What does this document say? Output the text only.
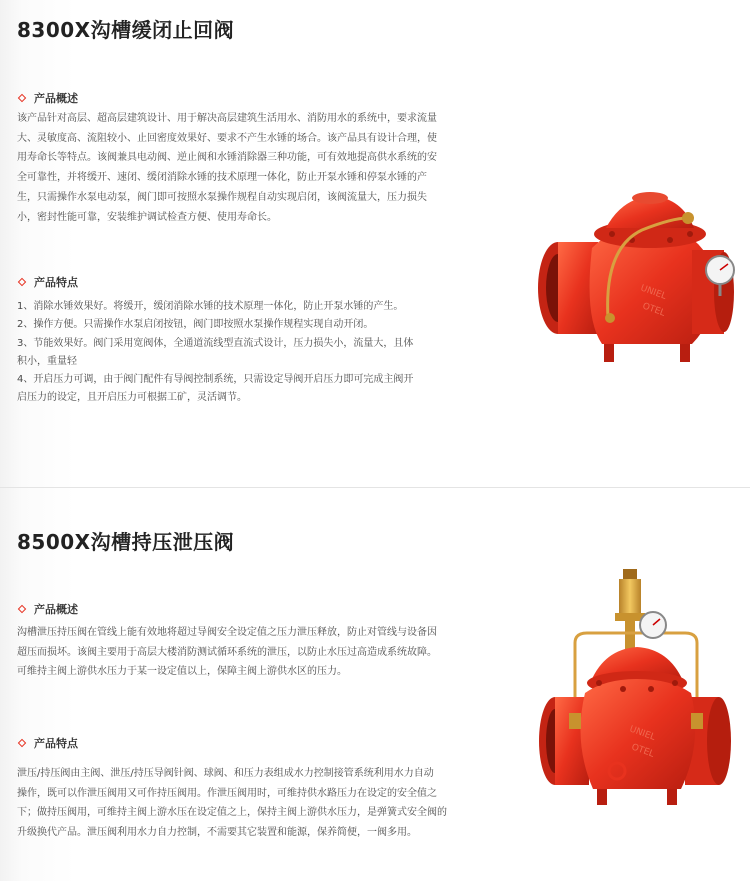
8300X沟槽缓闭止回阀
产品概述

该产品针对高层、超高层建筑设计、用于解决高层建筑生活用水、消防用水的系统中，要求流量
大、灵敏度高、流阻较小、止回密度效果好、要求不产生水锤的场合。该产品具有设计合理，使
用寿命长等特点。该阀兼具电动阀、逆止阀和水锤消除器三种功能，可有效地提高供水系统的安
全可靠性，并将缓开、速闭、缓闭消除水锤的技术原理一体化，防止开泵水锤和停泵水锤的产
生，只需操作水泵电动泵，阀门即可按照水泵操作规程自动实现启闭，该阀流量大，压力损失
小，密封性能可靠，安装维护调试检查方便、使用寿命长。

产品特点
1、消除水锤效果好。将缓开，缓闭消除水锤的技术原理一体化，防止开泵水锤的产生。
2、操作方便。只需操作水泵启闭按钮，阀门即按照水泵操作规程实现自动开闭。
3、节能效果好。阀门采用宽阀体，全通道流线型直流式设计，压力损失小，流量大，且体
积小，重量轻
4、开启压力可调，由于阀门配件有导阀控制系统，只需设定导阀开启压力即可完成主阀开
启压力的设定，且开启压力可根据工矿，灵活调节。
UNIEL
OTEL
8500X沟槽持压泄压阀
产品概述

沟槽泄压持压阀在管线上能有效地将超过导阀安全设定值之压力泄压释放，防止对管线与设备因
超压而损坏。该阀主要用于高层大楼消防测试循环系统的泄压，以防止水压过高造成系统故障。
可维持主阀上游供水压力于某一设定值以上，保障主阀上游供水区的压力。

产品特点
泄压/持压阀由主阀、泄压/持压导阀针阀、球阀、和压力表组成水力控制接管系统利用水力自动
操作，既可以作泄压阀用又可作持压阀用。作泄压阀用时，可维持供水路压力在设定的安全值之
下；做持压阀用，可维持主阀上游水压在设定值之上，保持主阀上游供水压力，是弹簧式安全阀的
升级换代产品。泄压阀利用水力自力控制，不需要其它装置和能源，保养简便，一阀多用。
UNIEL
OTEL
